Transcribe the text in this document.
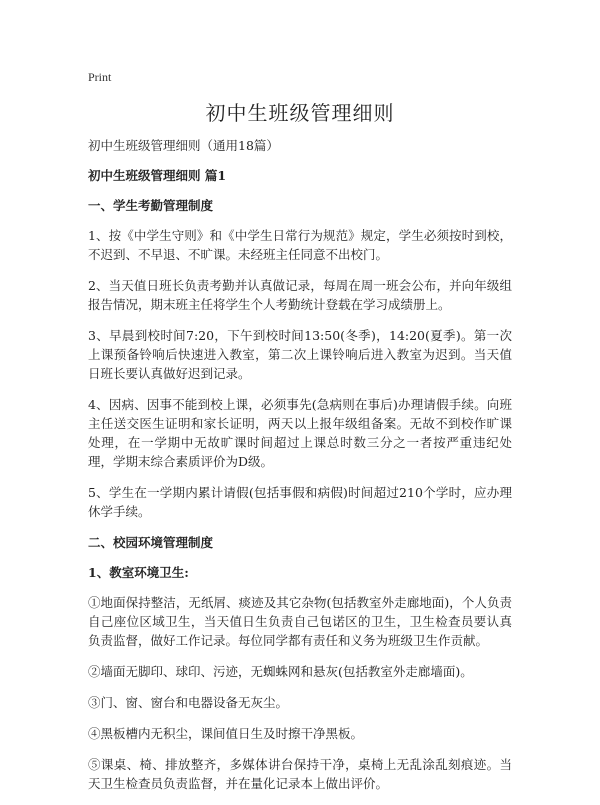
Print
初中生班级管理细则

初中生班级管理细则（通用18篇）

初中生班级管理细则 篇1

一、学生考勤管理制度

1、按《中学生守则》和《中学生日常行为规范》规定，学生必须按时到校，不迟到、不早退、不旷课。未经班主任同意不出校门。

2、当天值日班长负责考勤并认真做记录，每周在周一班会公布，并向年级组报告情况，期末班主任将学生个人考勤统计登载在学习成绩册上。

3、早晨到校时间7:20，下午到校时间13:50(冬季)，14:20(夏季)。第一次上课预备铃响后快速进入教室，第二次上课铃响后进入教室为迟到。当天值日班长要认真做好迟到记录。

4、因病、因事不能到校上课，必须事先(急病则在事后)办理请假手续。向班主任送交医生证明和家长证明，两天以上报年级组备案。无故不到校作旷课处理，在一学期中无故旷课时间超过上课总时数三分之一者按严重违纪处理，学期末综合素质评价为D级。

5、学生在一学期内累计请假(包括事假和病假)时间超过210个学时，应办理休学手续。

二、校园环境管理制度

1、教室环境卫生:

①地面保持整洁，无纸屑、痰迹及其它杂物(包括教室外走廊地面)，个人负责自己座位区域卫生，当天值日生负责自己包诺区的卫生，卫生检查员要认真负责监督，做好工作记录。每位同学都有责任和义务为班级卫生作贡献。

②墙面无脚印、球印、污迹，无蜘蛛网和悬灰(包括教室外走廊墙面)。

③门、窗、窗台和电器设备无灰尘。

④黑板槽内无积尘，课间值日生及时擦干净黑板。

⑤课桌、椅、排放整齐，多媒体讲台保持干净，桌椅上无乱涂乱刻痕迹。当天卫生检查员负责监督，并在量化记录本上做出评价。
